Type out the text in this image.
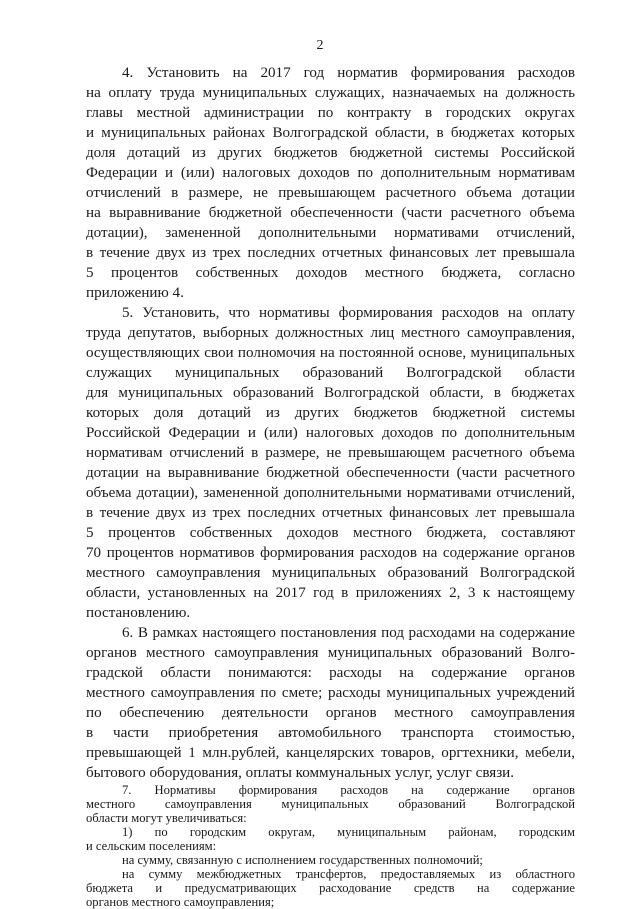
2
4. Установить на 2017 год норматив формирования расходов
на оплату труда муниципальных служащих, назначаемых на должность
главы местной администрации по контракту в городских округах
и муниципальных районах Волгоградской области, в бюджетах которых
доля дотаций из других бюджетов бюджетной системы Российской
Федерации и (или) налоговых доходов по дополнительным нормативам
отчислений в размере, не превышающем расчетного объема дотации
на выравнивание бюджетной обеспеченности (части расчетного объема
дотации), замененной дополнительными нормативами отчислений,
в течение двух из трех последних отчетных финансовых лет превышала
5 процентов собственных доходов местного бюджета, согласно
приложению 4.
5. Установить, что нормативы формирования расходов на оплату
труда депутатов, выборных должностных лиц местного самоуправления,
осуществляющих свои полномочия на постоянной основе, муниципальных
служащих муниципальных образований Волгоградской области
для муниципальных образований Волгоградской области, в бюджетах
которых доля дотаций из других бюджетов бюджетной системы
Российской Федерации и (или) налоговых доходов по дополнительным
нормативам отчислений в размере, не превышающем расчетного объема
дотации на выравнивание бюджетной обеспеченности (части расчетного
объема дотации), замененной дополнительными нормативами отчислений,
в течение двух из трех последних отчетных финансовых лет превышала
5 процентов собственных доходов местного бюджета, составляют
70 процентов нормативов формирования расходов на содержание органов
местного самоуправления муниципальных образований Волгоградской
области, установленных на 2017 год в приложениях 2, 3 к настоящему
постановлению.
6. В рамках настоящего постановления под расходами на содержание
органов местного самоуправления муниципальных образований Волго-
градской области понимаются: расходы на содержание органов
местного самоуправления по смете; расходы муниципальных учреждений
по обеспечению деятельности органов местного самоуправления
в части приобретения автомобильного транспорта стоимостью,
превышающей 1 млн.рублей, канцелярских товаров, оргтехники, мебели,
бытового оборудования, оплаты коммунальных услуг, услуг связи.
7. Нормативы формирования расходов на содержание органов
местного самоуправления муниципальных образований Волгоградской
области могут увеличиваться:
1) по городским округам, муниципальным районам, городским
и сельским поселениям:
на сумму, связанную с исполнением государственных полномочий;
на сумму межбюджетных трансфертов, предоставляемых из областного
бюджета и предусматривающих расходование средств на содержание
органов местного самоуправления;
